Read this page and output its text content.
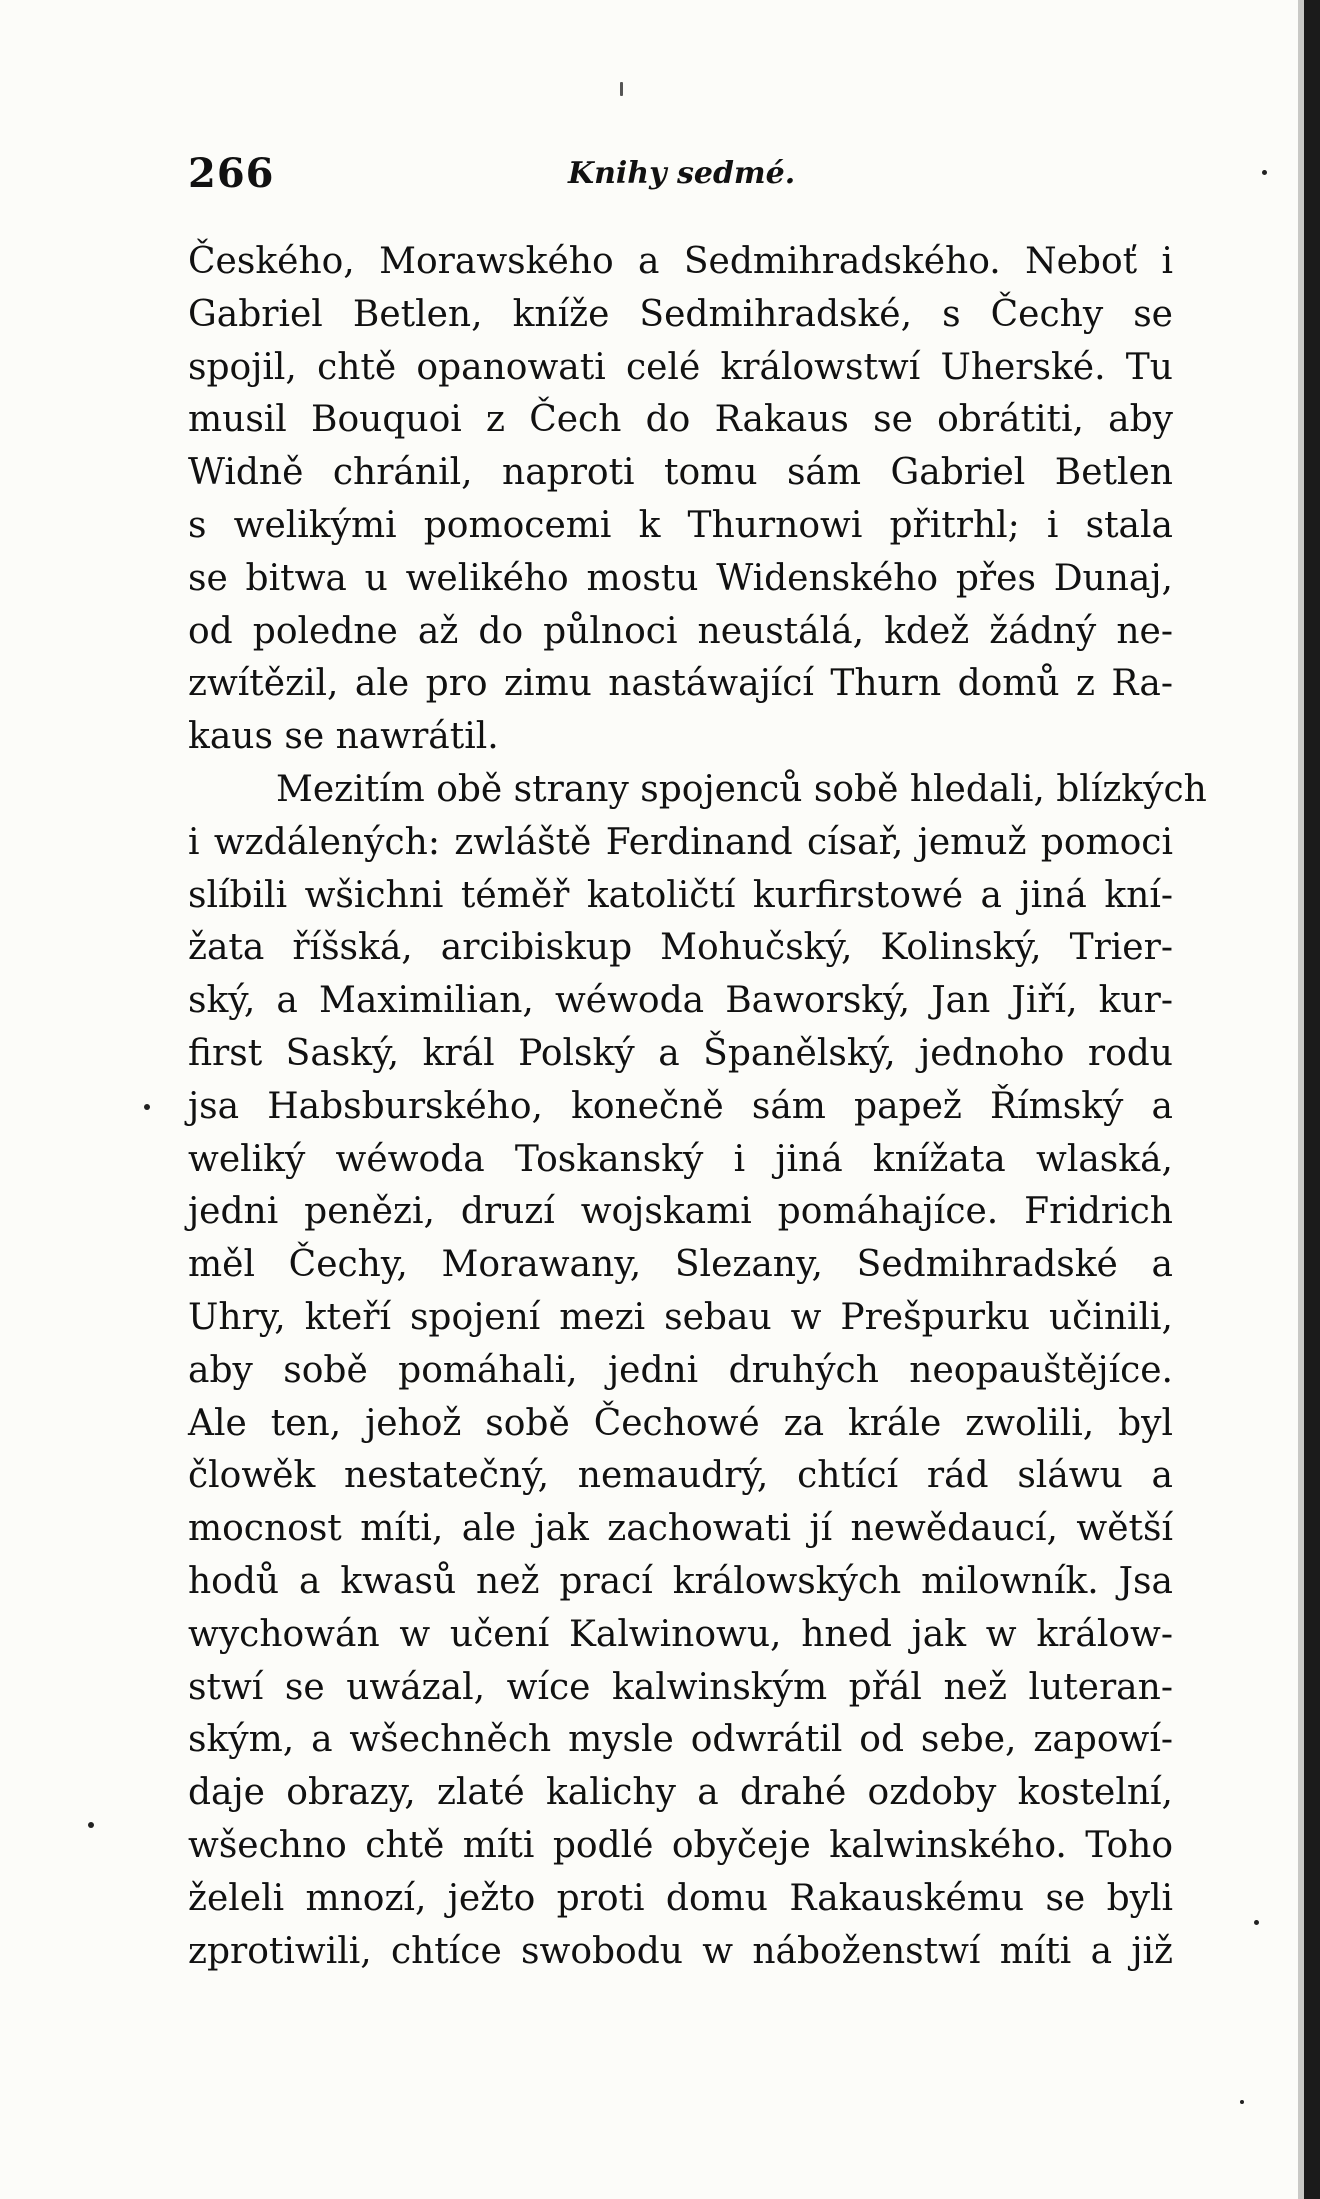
266	Knihy sedmé.
Českého, Morawského a Sedmihradského. Neboť i
Gabriel Betlen, kníže Sedmihradské, s Čechy se
spojil, chtě opanowati celé králowstwí Uherské. Tu
musil Bouquoi z Čech do Rakaus se obrátiti, aby
Widně chránil, naproti tomu sám Gabriel Betlen
s welikými pomocemi k Thurnowi přitrhl; i stala
se bitwa u welikého mostu Widenského přes Dunaj,
od poledne až do půlnoci neustálá, kdež žádný ne-
zwítězil, ale pro zimu nastáwající Thurn domů z Ra-
kaus se nawrátil.
Mezitím obě strany spojenců sobě hledali, blízkých
i wzdálených: zwláště Ferdinand císař, jemuž pomoci
slíbili wšichni téměř katoličtí kurfirstowé a jiná kní-
žata říšská, arcibiskup Mohučský, Kolinský, Trier-
ský, a Maximilian, wéwoda Baworský, Jan Jiří, kur-
first Saský, král Polský a Španělský, jednoho rodu
jsa Habsburského, konečně sám papež Římský a
weliký wéwoda Toskanský i jiná knížata wlaská,
jedni penězi, druzí wojskami pomáhajíce. Fridrich
měl Čechy, Morawany, Slezany, Sedmihradské a
Uhry, kteří spojení mezi sebau w Prešpurku učinili,
aby sobě pomáhali, jedni druhých neopauštějíce.
Ale ten, jehož sobě Čechowé za krále zwolili, byl
člowěk nestatečný, nemaudrý, chtící rád sláwu a
mocnost míti, ale jak zachowati jí newědaucí, wětší
hodů a kwasů než prací králowských milowník. Jsa
wychowán w učení Kalwinowu, hned jak w králow-
stwí se uwázal, wíce kalwinským přál než luteran-
ským, a wšechněch mysle odwrátil od sebe, zapowí-
daje obrazy, zlaté kalichy a drahé ozdoby kostelní,
wšechno chtě míti podlé obyčeje kalwinského. Toho
želeli mnozí, ježto proti domu Rakauskému se byli
zprotiwili, chtíce swobodu w náboženstwí míti a již
